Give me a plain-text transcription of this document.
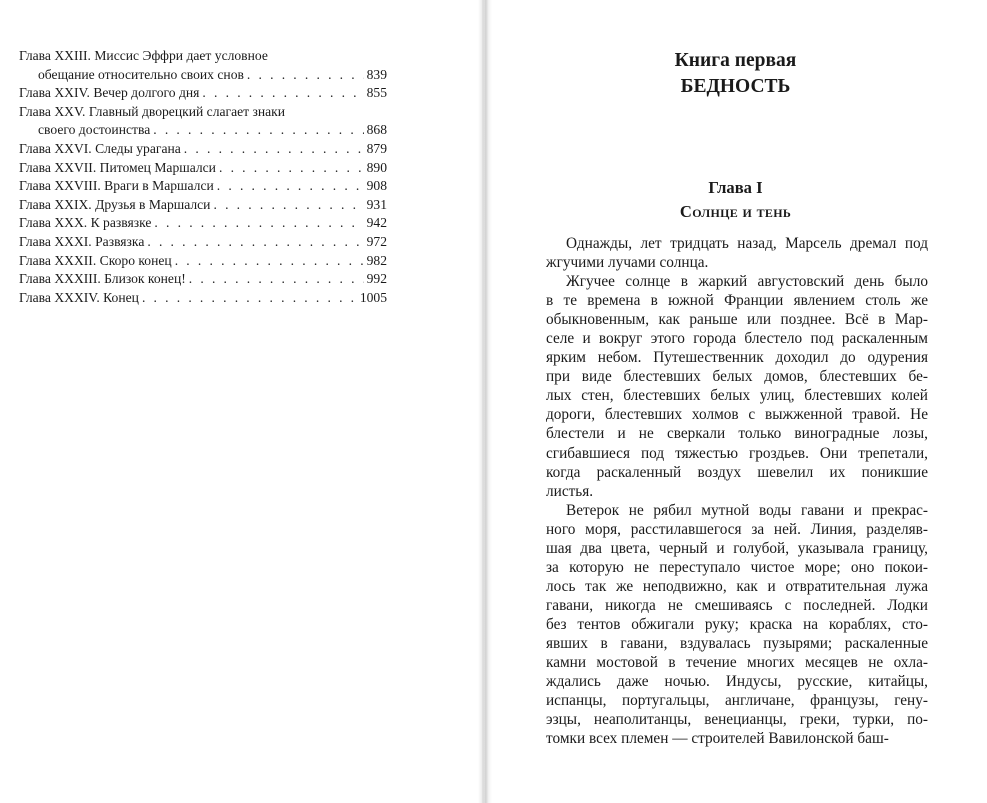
Глава XXIII. Миссис Эффри дает условное
обещание относительно своих снов . . .	839
Глава XXIV. Вечер долгого дня . . .	855
Глава XXV. Главный дворецкий слагает знаки
своего достоинства . . .	868
Глава XXVI. Следы урагана . . .	879
Глава XXVII. Питомец Маршалси . . .	890
Глава XXVIII. Враги в Маршалси . . .	908
Глава XXIX. Друзья в Маршалси . . .	931
Глава XXX. К развязке . . .	942
Глава XXXI. Развязка . . .	972
Глава XXXII. Скоро конец . . .	982
Глава XXXIII. Близок конец! . . .	992
Глава XXXIV. Конец . . .	1005
Книга первая
БЕДНОСТЬ
Глава I
Солнце и тень
Однажды, лет тридцать назад, Марсель дремал под
жгучими лучами солнца.
Жгучее солнце в жаркий августовский день было
в те времена в южной Франции явлением столь же
обыкновенным, как раньше или позднее. Всё в Мар-
селе и вокруг этого города блестело под раскаленным
ярким небом. Путешественник доходил до одурения
при виде блестевших белых домов, блестевших бе-
лых стен, блестевших белых улиц, блестевших колей
дороги, блестевших холмов с выжженной травой. Не
блестели и не сверкали только виноградные лозы,
сгибавшиеся под тяжестью гроздьев. Они трепетали,
когда раскаленный воздух шевелил их поникшие
листья.
Ветерок не рябил мутной воды гавани и прекрас-
ного моря, расстилавшегося за ней. Линия, разделяв-
шая два цвета, черный и голубой, указывала границу,
за которую не переступало чистое море; оно покои-
лось так же неподвижно, как и отвратительная лужа
гавани, никогда не смешиваясь с последней. Лодки
без тентов обжигали руку; краска на кораблях, сто-
явших в гавани, вздувалась пузырями; раскаленные
камни мостовой в течение многих месяцев не охла-
ждались даже ночью. Индусы, русские, китайцы,
испанцы, португальцы, англичане, французы, гену-
эзцы, неаполитанцы, венецианцы, греки, турки, по-
томки всех племен — строителей Вавилонской баш-
